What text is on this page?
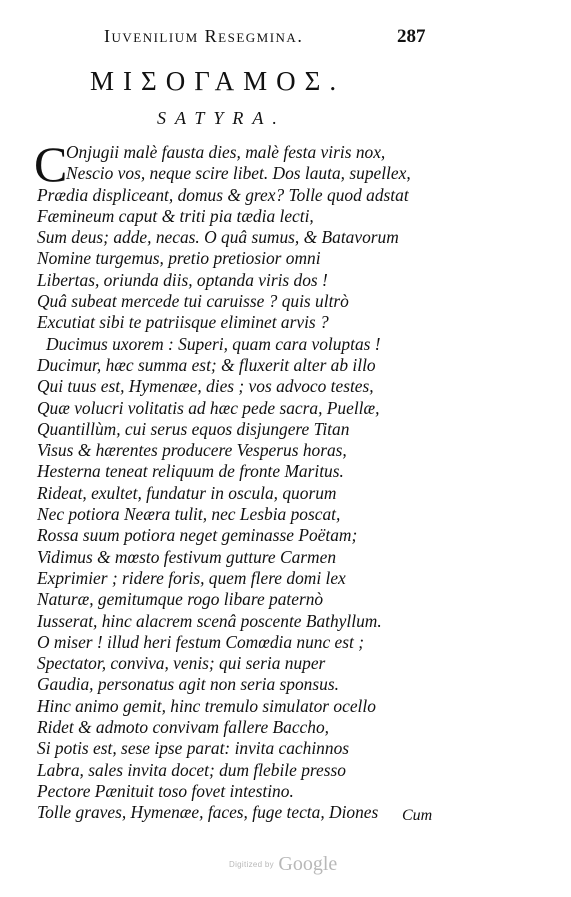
Iuvenilium Resegmina.	287
ΜΙΣΟΓΑΜΟΣ.
SATYRA.
C
Onjugii malè fausta dies, malè festa viris nox,
Nescio vos, neque scire libet. Dos lauta, supellex,
Prædia displiceant, domus & grex? Tolle quod adstat
Fæmineum caput & triti pia tædia lecti,
Sum deus; adde, necas. O quâ sumus, & Batavorum
Nomine turgemus, pretio pretiosior omni
Libertas, oriunda diis, optanda viris dos !
Quâ subeat mercede tui caruisse ? quis ultrò
Excutiat sibi te patriisque eliminet arvis ?
Ducimus uxorem : Superi, quam cara voluptas !
Ducimur, hæc summa est; & fluxerit alter ab illo
Qui tuus est, Hymenæe, dies ; vos advoco testes,
Quæ volucri volitatis ad hæc pede sacra, Puellæ,
Quantillùm, cui serus equos disjungere Titan
Visus & hærentes producere Vesperus horas,
Hesterna teneat reliquum de fronte Maritus.
Rideat, exultet, fundatur in oscula, quorum
Nec potiora Neæra tulit, nec Lesbia poscat,
Rossa suum potiora neget geminasse Poëtam;
Vidimus & mœsto festivum gutture Carmen
Exprimier ; ridere foris, quem flere domi lex
Naturæ, gemitumque rogo libare paternò
Iusserat, hinc alacrem scenâ poscente Bathyllum.
O miser ! illud heri festum Comœdia nunc est ;
Spectator, conviva, venis; qui seria nuper
Gaudia, personatus agit non seria sponsus.
Hinc animo gemit, hinc tremulo simulator ocello
Ridet & admoto convivam fallere Baccho,
Si potis est, sese ipse parat: invita cachinnos
Labra, sales invita docet; dum flebile presso
Pectore Pænituit toso fovet intestino.
Tolle graves, Hymenæe, faces, fuge tecta, Diones	Cum
Digitized by Google
